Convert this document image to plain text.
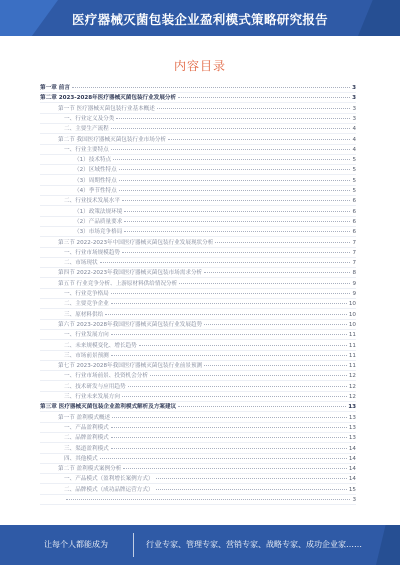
医疗器械灭菌包装企业盈利模式策略研究报告
内容目录
第一章 前言	3
第二章 2023-2028年医疗器械灭菌包装行业发展分析	3
第一节 医疗器械灭菌包装行业基本概述	3
一、行业定义及分类	3
二、主要生产流程	4
第二节 我国医疗器械灭菌包装行业市场分析	4
一、行业主要特点	4
（1）技术特点	5
（2）区域性特点	5
（3）周期性特点	5
（4）季节性特点	5
二、行业技术发展水平	6
（1）政策法规环境	6
（2）产品质量要求	6
（3）市场竞争格局	6
第三节 2022-2023年中国医疗器械灭菌包装行业发展现状分析	7
一、行业市场规模趋势	7
二、市场现状	7
第四节 2022-2023年我国医疗器械灭菌包装市场需求分析	8
第五节 行业竞争分析、上游原材料供给情况分析	9
一、行业竞争格局	9
二、主要竞争企业	10
三、原材料供给	10
第六节 2023-2028年我国医疗器械灭菌包装行业发展趋势	10
一、行业发展方向	11
二、未来规模变化、增长趋势	11
三、市场前景预测	11
第七节 2023-2028年我国医疗器械灭菌包装行业前景预测	11
一、行业市场前景、投资机会分析	12
二、技术研发与应用趋势	12
三、行业未来发展方向	12
第三章 医疗器械灭菌包装企业盈利模式解析及方案建议	13
第一节 盈利模式概述	13
一、产品盈利模式	13
二、品牌盈利模式	13
三、渠道盈利模式	14
四、其他模式	14
第二节 盈利模式案例分析	14
一、产品模式（盈利增长案例方式）	14
二、品牌模式（成功品牌运营方式）	15
3
让每个人都能成为	行业专家、管理专家、营销专家、战略专家、成功企业家……
